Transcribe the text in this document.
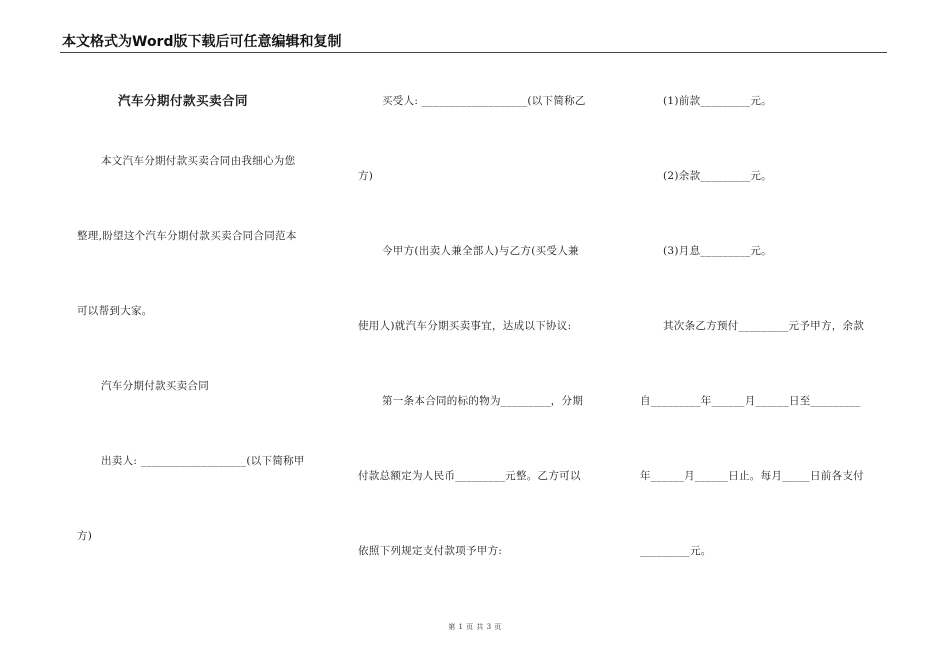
本文格式为Word版下载后可任意编辑和复制
汽车分期付款买卖合同
本文汽车分期付款买卖合同由我细心为您
整理,盼望这个汽车分期付款买卖合同合同范本
可以帮到大家。
汽车分期付款买卖合同
出卖人: ___________________(以下简称甲
方)
买受人: ___________________(以下简称乙
方)
今甲方(出卖人兼全部人)与乙方(买受人兼
使用人)就汽车分期买卖事宜，达成以下协议:
第一条本合同的标的物为_________，分期
付款总额定为人民币_________元整。乙方可以
依照下列规定支付款项予甲方:
(1)前款_________元。
(2)余款_________元。
(3)月息_________元。
其次条乙方预付_________元予甲方，余款
自_________年______月______日至_________
年______月______日止。每月_____日前各支付
_________元。
第 1 页 共 3 页
